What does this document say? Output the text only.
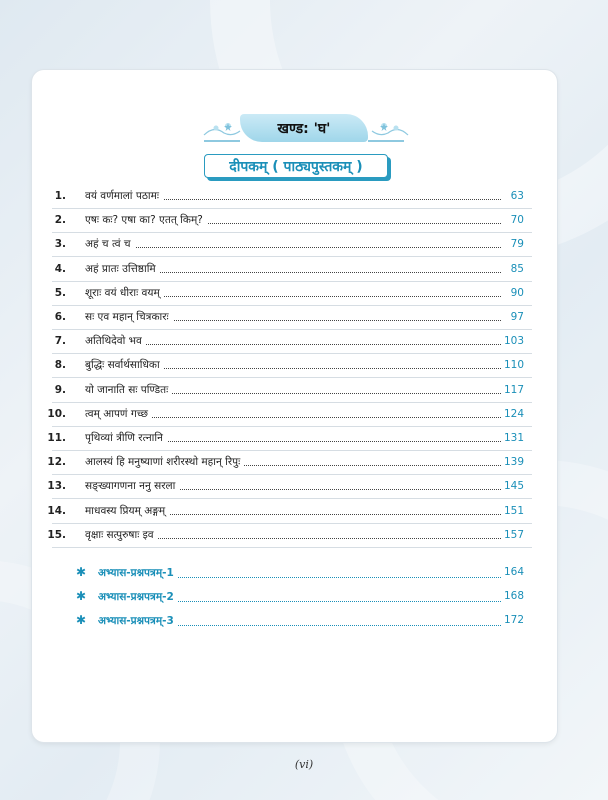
खण्ड: 'घ'
दीपकम् ( पाठ्यपुस्तकम् )
1. वयं वर्णमालां पठामः	63
2. एषः कः? एषा का? एतत् किम्?	70
3. अहं च त्वं च	79
4. अहं प्रातः उत्तिष्ठामि	85
5. शूराः वयं धीराः वयम्	90
6. सः एव महान् चित्रकारः	97
7. अतिथिदेवो भव	103
8. बुद्धिः सर्वार्थसाधिका	110
9. यो जानाति सः पण्डितः	117
10. त्वम् आपणं गच्छ	124
11. पृथिव्यां त्रीणि रत्नानि	131
12. आलस्यं हि मनुष्याणां शरीरस्थो महान् रिपुः	139
13. सङ्ख्यागणना ननु सरला	145
14. माधवस्य प्रियम् अङ्गम्	151
15. वृक्षाः सत्पुरुषाः इव	157
✱ अभ्यास-प्रश्नपत्रम्-1	164
✱ अभ्यास-प्रश्नपत्रम्-2	168
✱ अभ्यास-प्रश्नपत्रम्-3	172
(vi)
